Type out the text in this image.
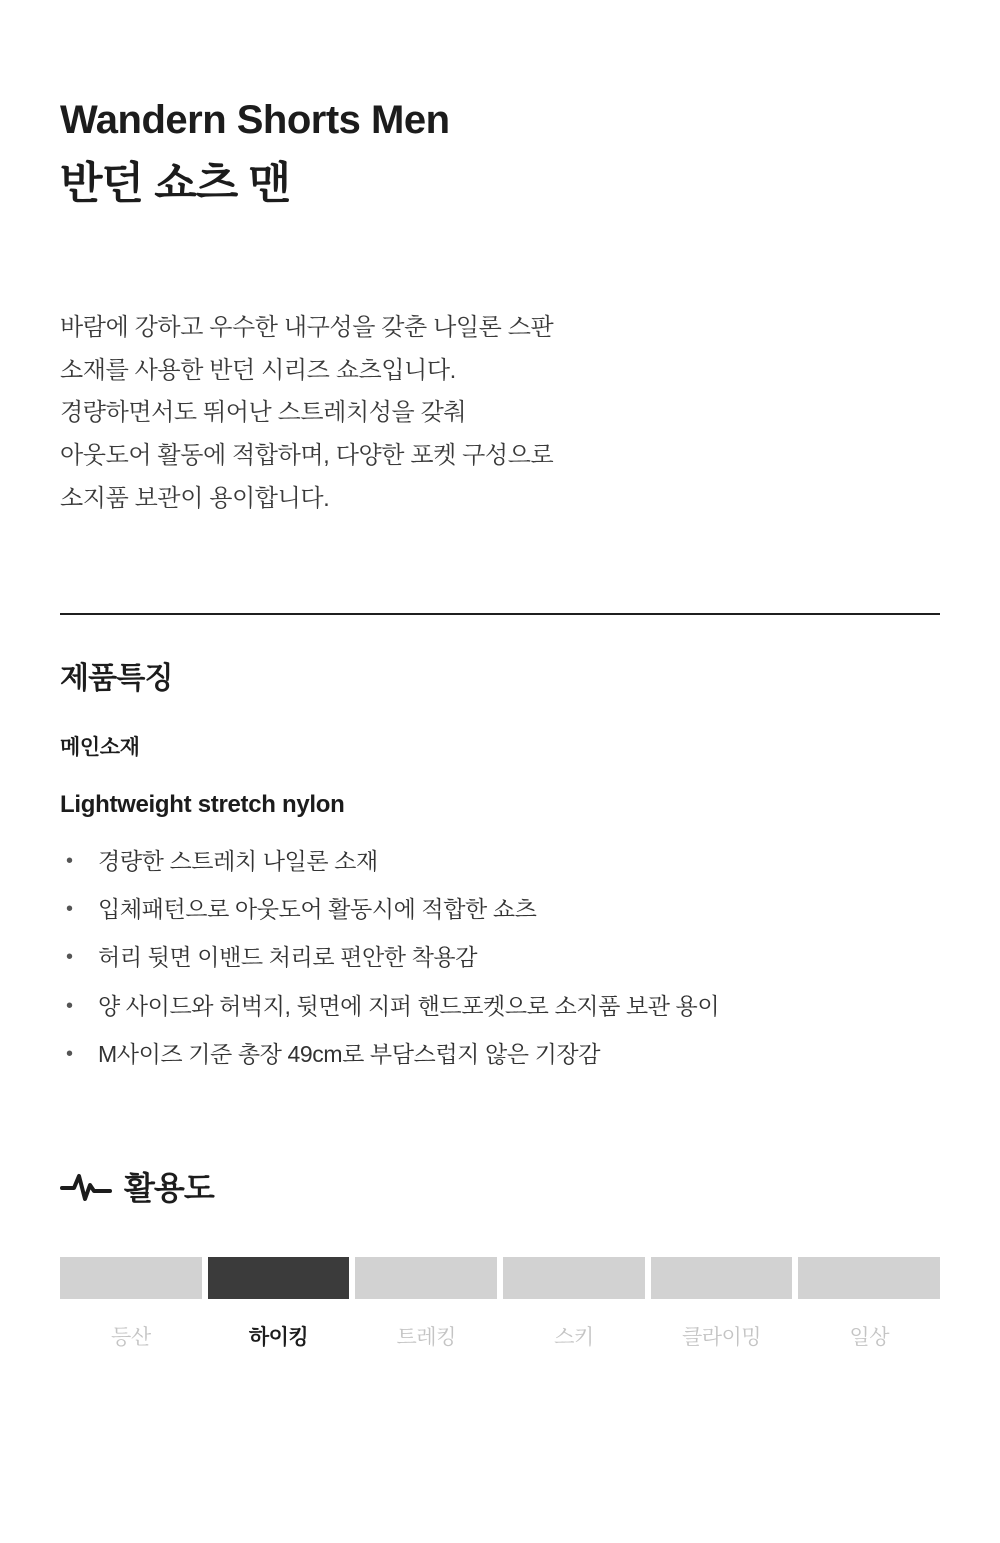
Wandern Shorts Men
반던 쇼츠 맨
바람에 강하고 우수한 내구성을 갖춘 나일론 스판
소재를 사용한 반던 시리즈 쇼츠입니다.
경량하면서도 뛰어난 스트레치성을 갖춰
아웃도어 활동에 적합하며, 다양한 포켓 구성으로
소지품 보관이 용이합니다.
제품특징
메인소재
Lightweight stretch nylon
• 경량한 스트레치 나일론 소재
• 입체패턴으로 아웃도어 활동시에 적합한 쇼츠
• 허리 뒷면 이밴드 처리로 편안한 착용감
• 양 사이드와 허벅지, 뒷면에 지퍼 핸드포켓으로 소지품 보관 용이
• M사이즈 기준 총장 49cm로 부담스럽지 않은 기장감
활용도
등산	하이킹	트레킹	스키	클라이밍	일상
